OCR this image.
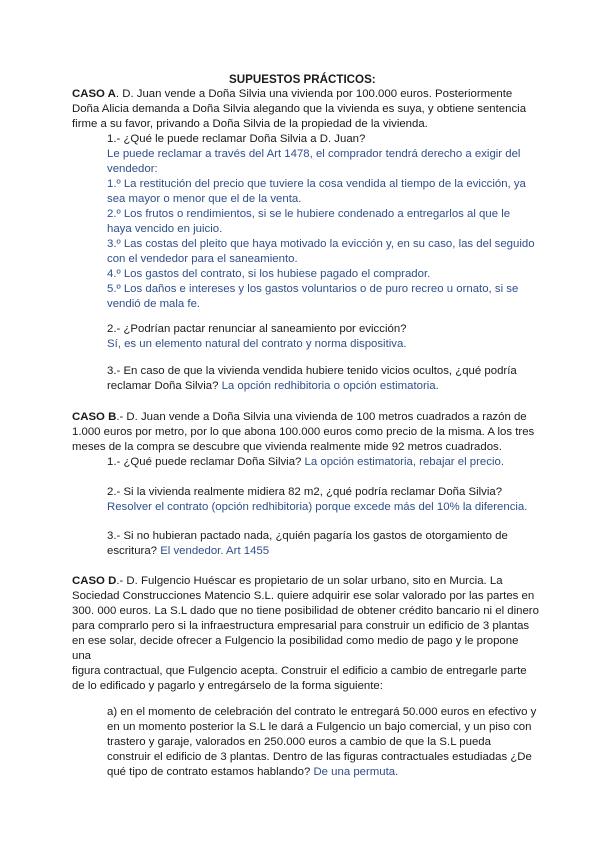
SUPUESTOS PRÁCTICOS:
CASO A. D. Juan vende a Doña Silvia una vivienda por 100.000 euros. Posteriormente
Doña Alicia demanda a Doña Silvia alegando que la vivienda es suya, y obtiene sentencia
firme a su favor, privando a Doña Silvia de la propiedad de la vivienda.
1.- ¿Qué le puede reclamar Doña Silvia a D. Juan?
Le puede reclamar a través del Art 1478, el comprador tendrá derecho a exigir del
vendedor:
1.º La restitución del precio que tuviere la cosa vendida al tiempo de la evicción, ya
sea mayor o menor que el de la venta.
2.º Los frutos o rendimientos, si se le hubiere condenado a entregarlos al que le
haya vencido en juicio.
3.º Las costas del pleito que haya motivado la evicción y, en su caso, las del seguido
con el vendedor para el saneamiento.
4.º Los gastos del contrato, si los hubiese pagado el comprador.
5.º Los daños e intereses y los gastos voluntarios o de puro recreo u ornato, si se
vendió de mala fe.
2.- ¿Podrían pactar renunciar al saneamiento por evicción?
Sí, es un elemento natural del contrato y norma dispositiva.
3.- En caso de que la vivienda vendida hubiere tenido vicios ocultos, ¿qué podría
reclamar Doña Silvia? La opción redhibitoria o opción estimatoria.
CASO B.- D. Juan vende a Doña Silvia una vivienda de 100 metros cuadrados a razón de
1.000 euros por metro, por lo que abona 100.000 euros como precio de la misma. A los tres
meses de la compra se descubre que vivienda realmente mide 92 metros cuadrados.
1.- ¿Qué puede reclamar Doña Silvia? La opción estimatoria, rebajar el precio.
2.- Si la vivienda realmente midiera 82 m2, ¿qué podría reclamar Doña Silvia?
Resolver el contrato (opción redhibitoria) porque excede más del 10% la diferencia.
3.- Si no hubieran pactado nada, ¿quién pagaría los gastos de otorgamiento de
escritura? El vendedor. Art 1455
CASO D.- D. Fulgencio Huéscar es propietario de un solar urbano, sito en Murcia. La
Sociedad Construcciones Matencio S.L. quiere adquirir ese solar valorado por las partes en
300. 000 euros. La S.L dado que no tiene posibilidad de obtener crédito bancario ni el dinero
para comprarlo pero si la infraestructura empresarial para construir un edificio de 3 plantas
en ese solar, decide ofrecer a Fulgencio la posibilidad como medio de pago y le propone
una
figura contractual, que Fulgencio acepta. Construir el edificio a cambio de entregarle parte
de lo edificado y pagarlo y entregárselo de la forma siguiente:
a) en el momento de celebración del contrato le entregará 50.000 euros en efectivo y
en un momento posterior la S.L le dará a Fulgencio un bajo comercial, y un piso con
trastero y garaje, valorados en 250.000 euros a cambio de que la S.L pueda
construir el edificio de 3 plantas. Dentro de las figuras contractuales estudiadas ¿De
qué tipo de contrato estamos hablando? De una permuta.
